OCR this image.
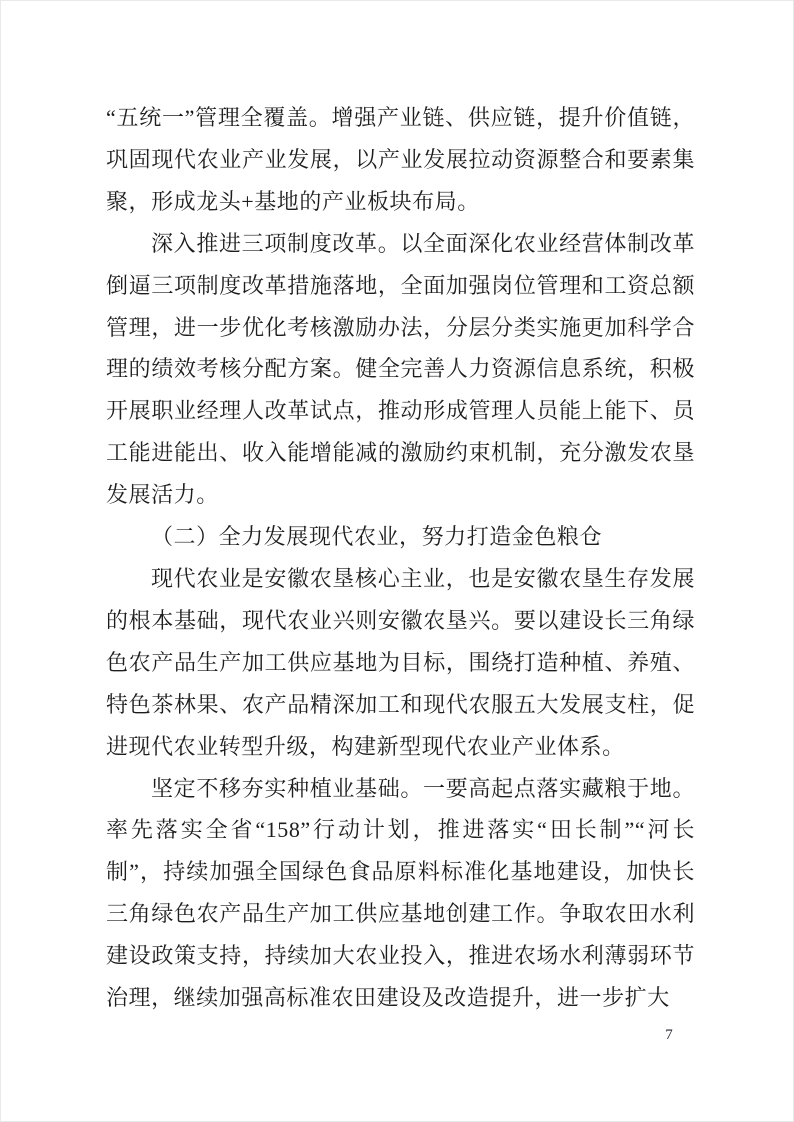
“五统一”管理全覆盖。增强产业链、供应链，提升价值链，巩固现代农业产业发展，以产业发展拉动资源整合和要素集聚，形成龙头+基地的产业板块布局。

深入推进三项制度改革。以全面深化农业经营体制改革倒逼三项制度改革措施落地，全面加强岗位管理和工资总额管理，进一步优化考核激励办法，分层分类实施更加科学合理的绩效考核分配方案。健全完善人力资源信息系统，积极开展职业经理人改革试点，推动形成管理人员能上能下、员工能进能出、收入能增能减的激励约束机制，充分激发农垦发展活力。

（二）全力发展现代农业，努力打造金色粮仓

现代农业是安徽农垦核心主业，也是安徽农垦生存发展的根本基础，现代农业兴则安徽农垦兴。要以建设长三角绿色农产品生产加工供应基地为目标，围绕打造种植、养殖、特色茶林果、农产品精深加工和现代农服五大发展支柱，促进现代农业转型升级，构建新型现代农业产业体系。

坚定不移夯实种植业基础。一要高起点落实藏粮于地。率先落实全省“158”行动计划，推进落实“田长制”“河长制”，持续加强全国绿色食品原料标准化基地建设，加快长三角绿色农产品生产加工供应基地创建工作。争取农田水利建设政策支持，持续加大农业投入，推进农场水利薄弱环节治理，继续加强高标准农田建设及改造提升，进一步扩大

7
